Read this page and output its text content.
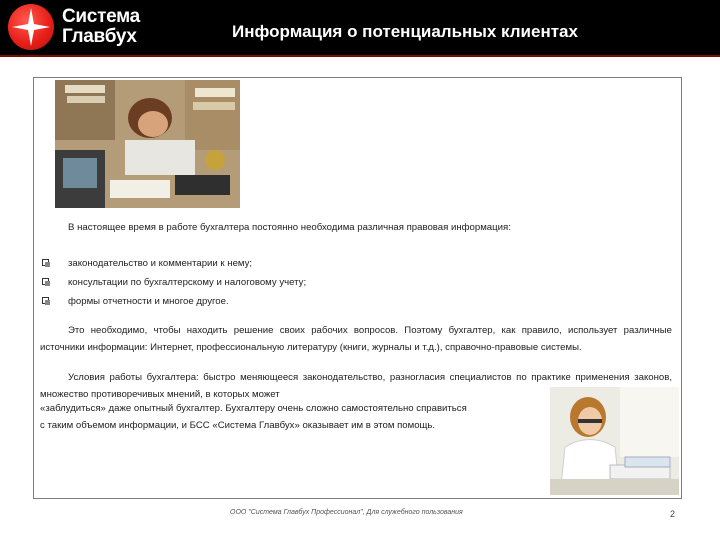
Система
Главбух	Информация о потенциальных клиентах
В настоящее время в работе бухгалтера постоянно необходима различная правовая информация:
законодательство и комментарии к нему;
консультации по бухгалтерскому и налоговому учету;
формы отчетности и многое другое.
Это необходимо, чтобы находить решение своих рабочих вопросов. Поэтому бухгалтер, как правило, использует различные источники информации: Интернет, профессиональную литературу (книги, журналы и т.д.), справочно-правовые системы.
Условия работы бухгалтера: быстро меняющееся законодательство, разногласия специалистов по практике применения законов, множество противоречивых мнений, в которых может
«заблудиться» даже опытный бухгалтер. Бухгалтеру очень сложно самостоятельно справиться с таким объемом информации, и БСС «Система Главбух» оказывает им в этом помощь.
ООО "Система Главбух Профессионал", Для служебного пользования	2
